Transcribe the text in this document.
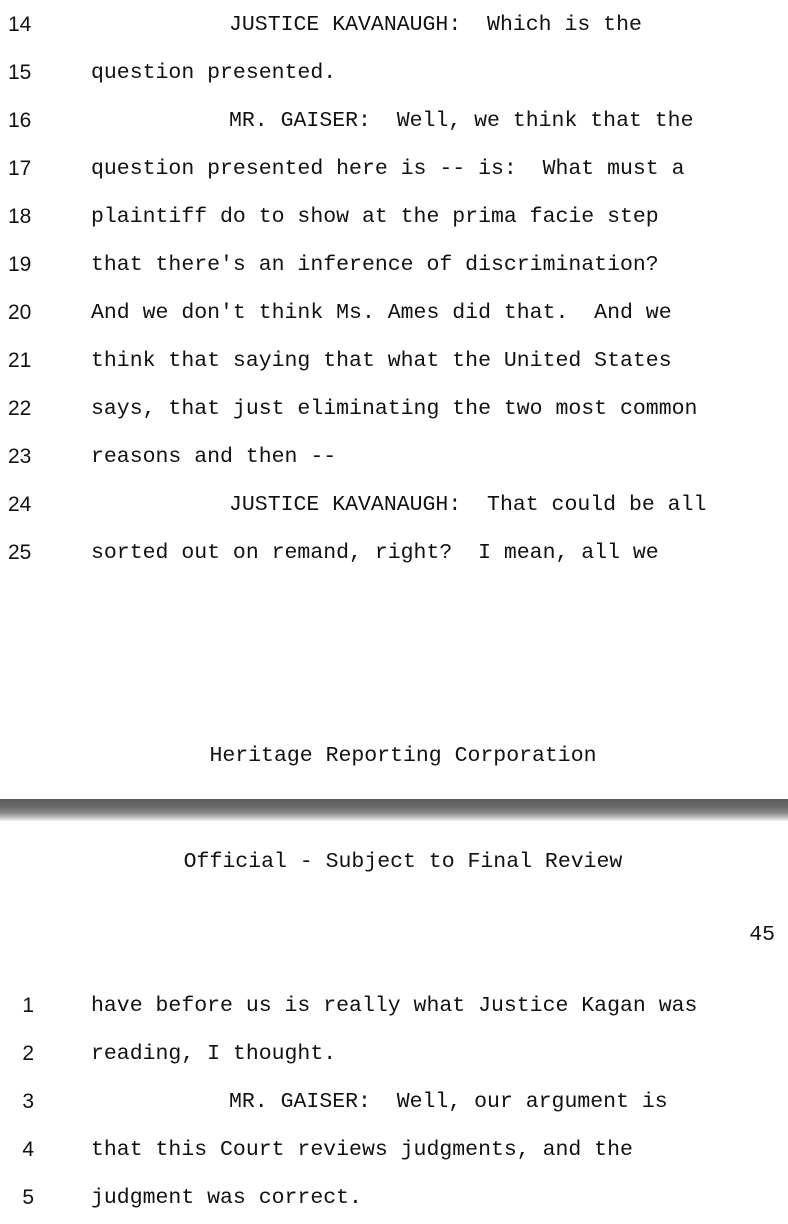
14	JUSTICE KAVANAUGH:  Which is the
15	question presented.
16	MR. GAISER:  Well, we think that the
17	question presented here is -- is:  What must a
18	plaintiff do to show at the prima facie step
19	that there's an inference of discrimination?
20	And we don't think Ms. Ames did that.  And we
21	think that saying that what the United States
22	says, that just eliminating the two most common
23	reasons and then --
24	JUSTICE KAVANAUGH:  That could be all
25	sorted out on remand, right?  I mean, all we
Heritage Reporting Corporation
Official - Subject to Final Review
45
1	have before us is really what Justice Kagan was
2	reading, I thought.
3	MR. GAISER:  Well, our argument is
4	that this Court reviews judgments, and the
5	judgment was correct.
